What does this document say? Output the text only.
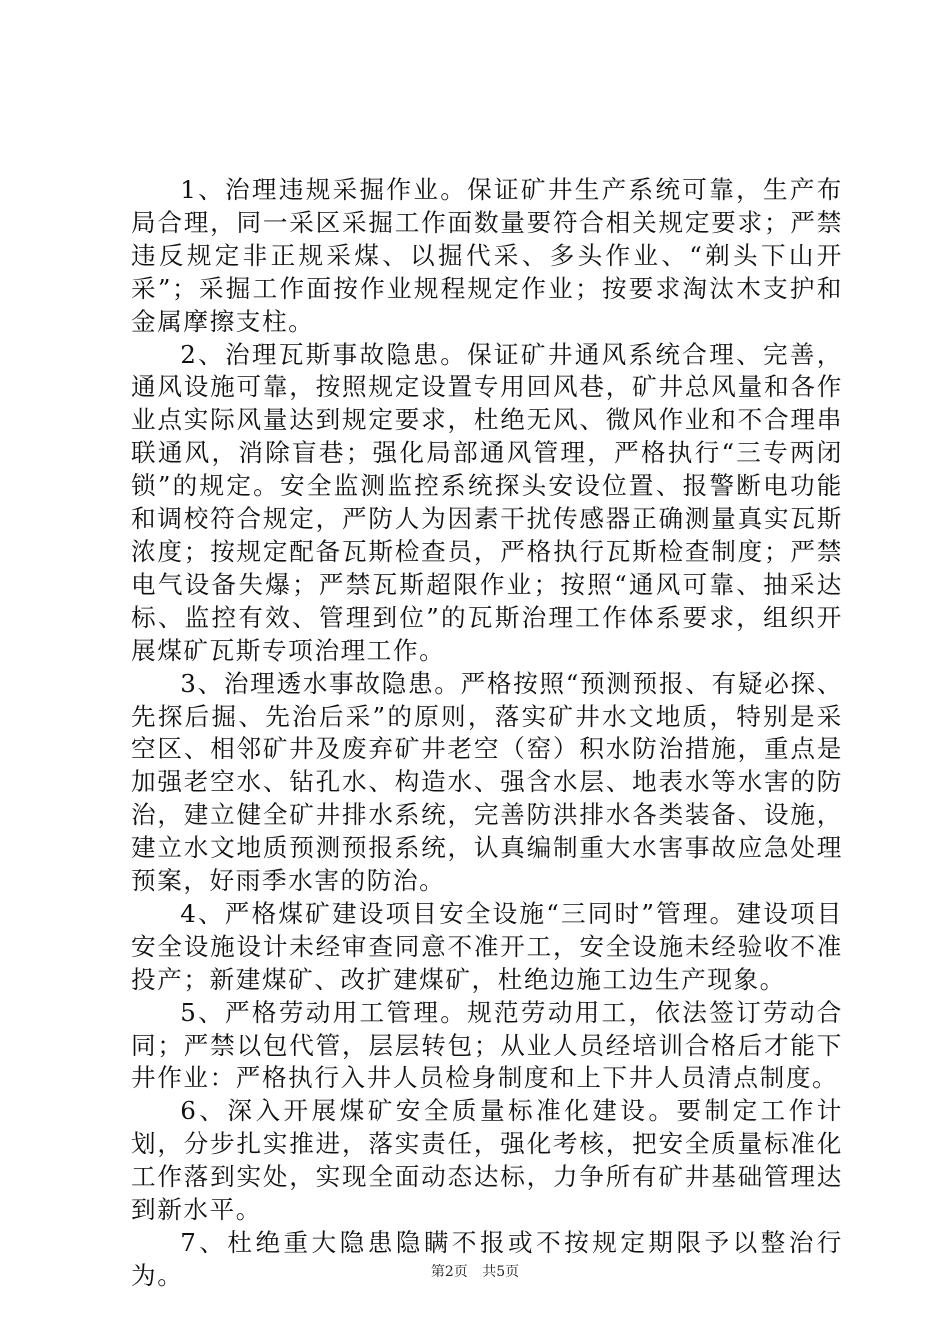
1、治理违规采掘作业。保证矿井生产系统可靠，生产布局合理，同一采区采掘工作面数量要符合相关规定要求；严禁违反规定非正规采煤、以掘代采、多头作业、“剃头下山开采”；采掘工作面按作业规程规定作业；按要求淘汰木支护和金属摩擦支柱。

2、治理瓦斯事故隐患。保证矿井通风系统合理、完善，通风设施可靠，按照规定设置专用回风巷，矿井总风量和各作业点实际风量达到规定要求，杜绝无风、微风作业和不合理串联通风，消除盲巷；强化局部通风管理，严格执行“三专两闭锁”的规定。安全监测监控系统探头安设位置、报警断电功能和调校符合规定，严防人为因素干扰传感器正确测量真实瓦斯浓度；按规定配备瓦斯检查员，严格执行瓦斯检查制度；严禁电气设备失爆；严禁瓦斯超限作业；按照“通风可靠、抽采达标、监控有效、管理到位”的瓦斯治理工作体系要求，组织开展煤矿瓦斯专项治理工作。

3、治理透水事故隐患。严格按照“预测预报、有疑必探、先探后掘、先治后采”的原则，落实矿井水文地质，特别是采空区、相邻矿井及废弃矿井老空（窑）积水防治措施，重点是加强老空水、钻孔水、构造水、强含水层、地表水等水害的防治，建立健全矿井排水系统，完善防洪排水各类装备、设施，建立水文地质预测预报系统，认真编制重大水害事故应急处理预案，好雨季水害的防治。

4、严格煤矿建设项目安全设施“三同时”管理。建设项目安全设施设计未经审查同意不准开工，安全设施未经验收不准投产；新建煤矿、改扩建煤矿，杜绝边施工边生产现象。

5、严格劳动用工管理。规范劳动用工，依法签订劳动合同；严禁以包代管，层层转包；从业人员经培训合格后才能下井作业：严格执行入井人员检身制度和上下井人员清点制度。

6、深入开展煤矿安全质量标准化建设。要制定工作计划，分步扎实推进，落实责任，强化考核，把安全质量标准化工作落到实处，实现全面动态达标，力争所有矿井基础管理达到新水平。

7、杜绝重大隐患隐瞒不报或不按规定期限予以整治行为。	第2页 共5页
